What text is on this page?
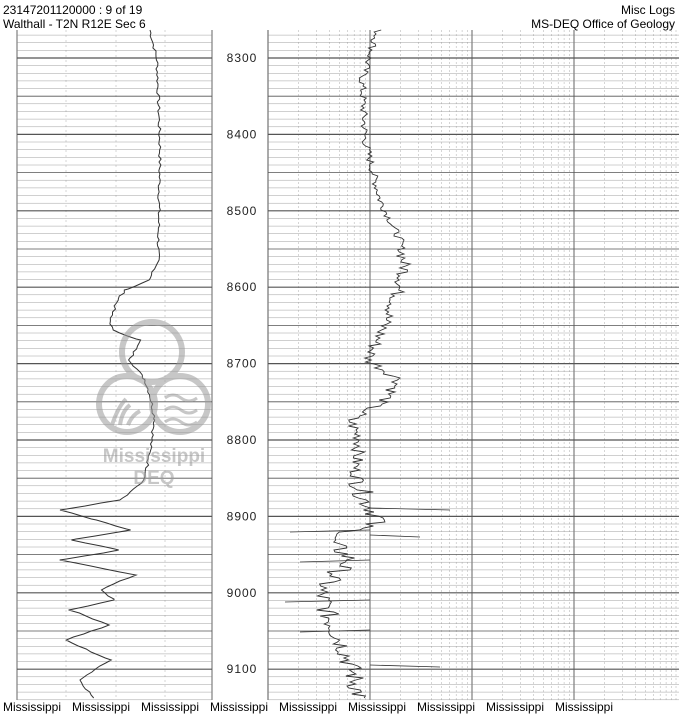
23147201120000 : 9 of 19
Walthall - T2N R12E Sec 6
Misc Logs
MS-DEQ Office of Geology
8300
8400
8500
8600
8700
8800
8900
9000
9100
Mississippi
DEQ
Mississippi Mississippi Mississippi Mississippi Mississippi Mississippi Mississippi Mississippi Mississippi
